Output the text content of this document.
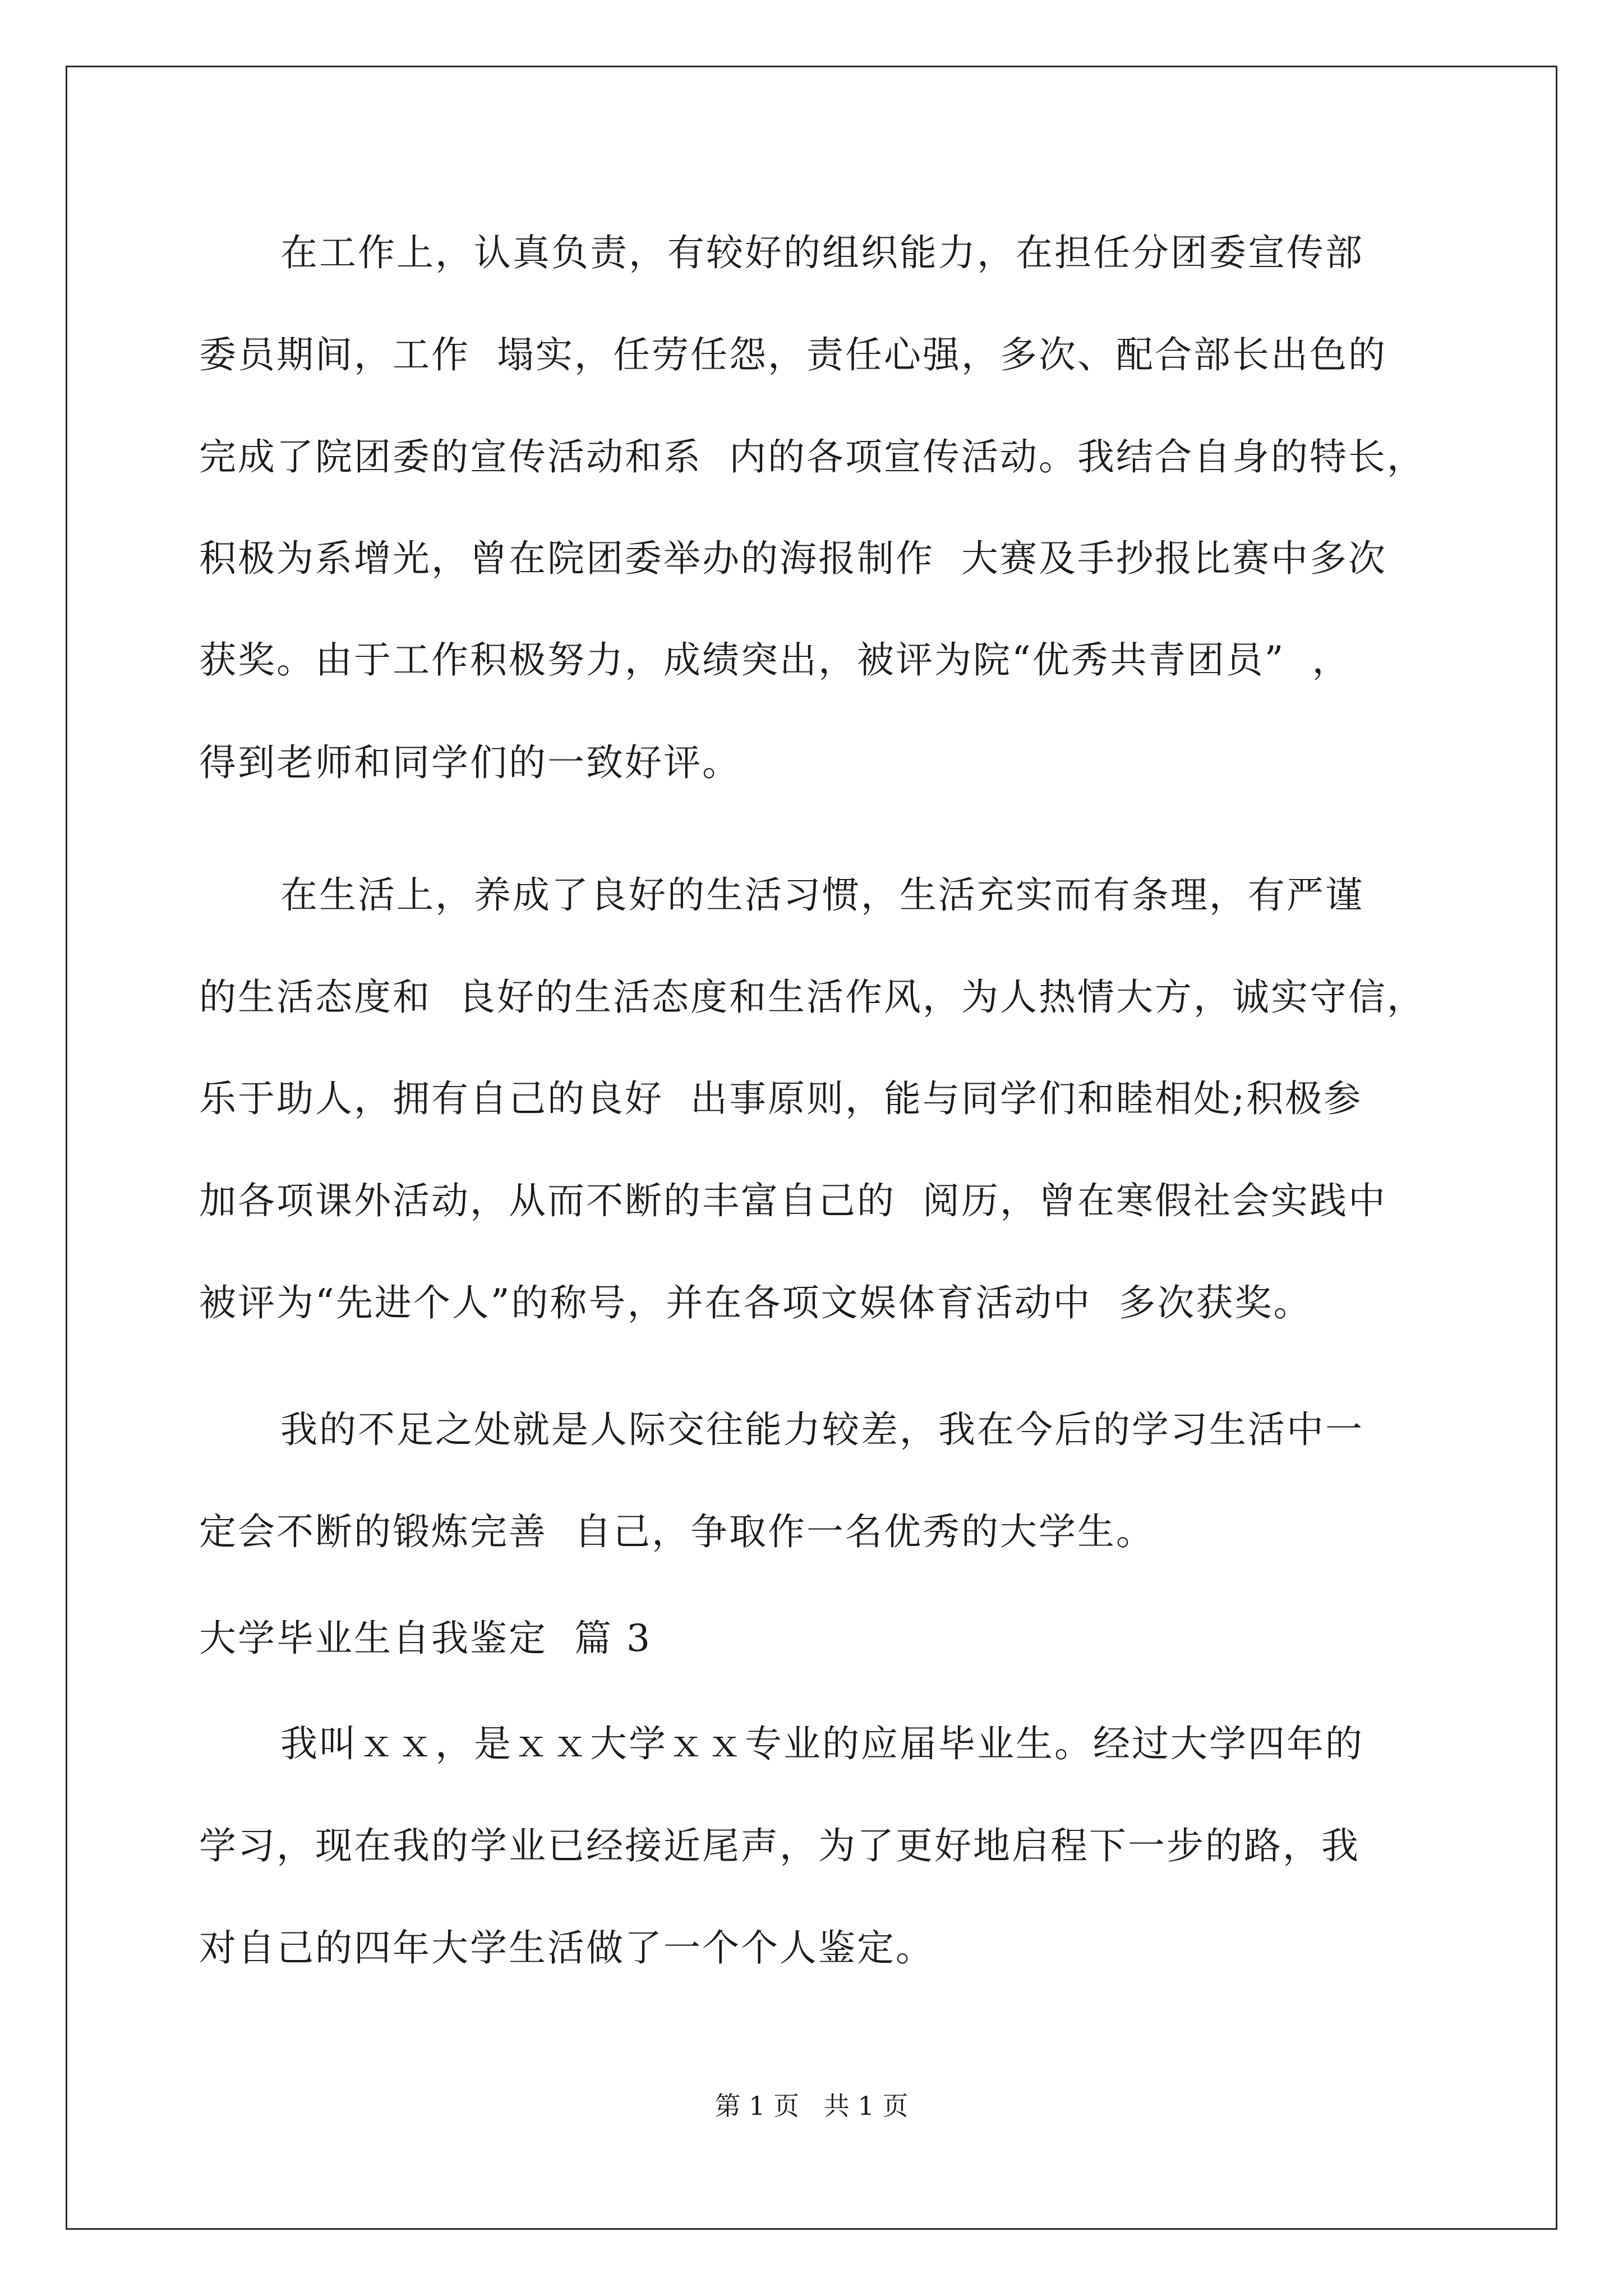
在工作上，认真负责，有较好的组织能力，在担任分团委宣传部
委员期间，工作  塌实，任劳任怨，责任心强，多次、配合部长出色的
完成了院团委的宣传活动和系  内的各项宣传活动。我结合自身的特长，
积极为系增光，曾在院团委举办的海报制作  大赛及手抄报比赛中多次
获奖。由于工作积极努力，成绩突出，被评为院“优秀共青团员”  ，
得到老师和同学们的一致好评。
在生活上，养成了良好的生活习惯，生活充实而有条理，有严谨
的生活态度和  良好的生活态度和生活作风，为人热情大方，诚实守信，
乐于助人，拥有自己的良好  出事原则，能与同学们和睦相处;积极参
加各项课外活动，从而不断的丰富自己的  阅历，曾在寒假社会实践中
被评为“先进个人”的称号，并在各项文娱体育活动中  多次获奖。
我的不足之处就是人际交往能力较差，我在今后的学习生活中一
定会不断的锻炼完善  自己，争取作一名优秀的大学生。
大学毕业生自我鉴定  篇 3
我叫ｘｘ，是ｘｘ大学ｘｘ专业的应届毕业生。经过大学四年的
学习，现在我的学业已经接近尾声，为了更好地启程下一步的路，我
对自己的四年大学生活做了一个个人鉴定。
第 1 页   共 1 页
